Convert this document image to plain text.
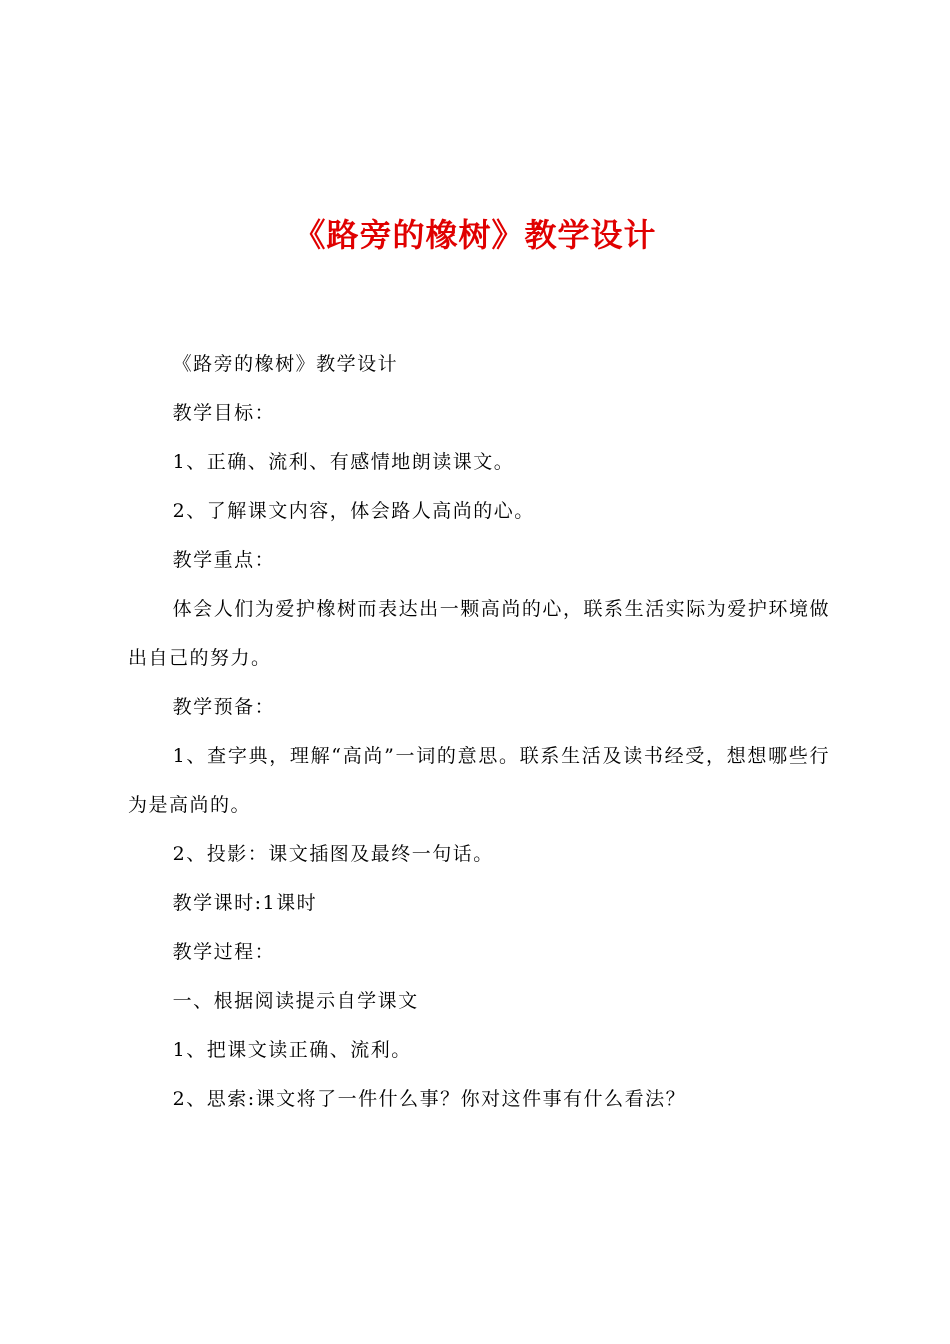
《路旁的橡树》教学设计

《路旁的橡树》教学设计

教学目标：

1、正确、流利、有感情地朗读课文。

2、了解课文内容，体会路人高尚的心。

教学重点：

体会人们为爱护橡树而表达出一颗高尚的心，联系生活实际为爱护环境做出自己的努力。

教学预备：

1、查字典，理解“高尚”一词的意思。联系生活及读书经受，想想哪些行为是高尚的。

2、投影：课文插图及最终一句话。

教学课时:1课时

教学过程：

一、根据阅读提示自学课文

1、把课文读正确、流利。

2、思索:课文将了一件什么事？你对这件事有什么看法？
